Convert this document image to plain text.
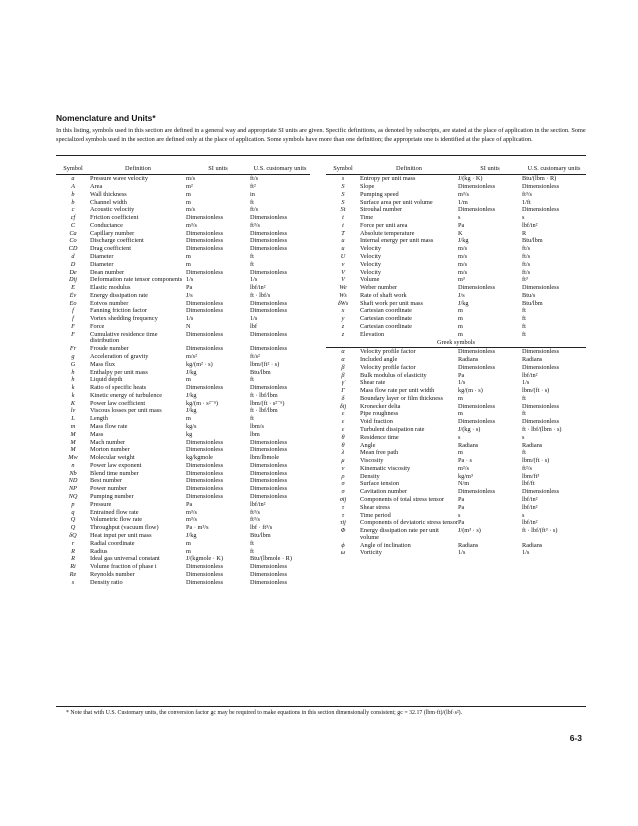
Nomenclature and Units*

In this listing, symbols used in this section are defined in a general way and appropriate SI units are given. Specific definitions, as denoted by subscripts, are stated at the place of application in the section. Some specialized symbols used in the section are defined only at the place of application. Some symbols have more than one definition; the appropriate one is identified at the place of application.

Symbol	Definition	SI units	U.S. customary units
a	Pressure wave velocity	m/s	ft/s
A	Area	m²	ft²
b	Wall thickness	m	in
b	Channel width	m	ft
c	Acoustic velocity	m/s	ft/s
cf	Friction coefficient	Dimensionless	Dimensionless
C	Conductance	m³/s	ft³/s
Ca	Capillary number	Dimensionless	Dimensionless
Co	Discharge coefficient	Dimensionless	Dimensionless
CD	Drag coefficient	Dimensionless	Dimensionless
d	Diameter	m	ft
D	Diameter	m	ft
De	Dean number	Dimensionless	Dimensionless
Dij	Deformation rate tensor components	1/s	1/s
E	Elastic modulus	Pa	lbf/in²
Ėv	Energy dissipation rate	J/s	ft · lbf/s
Eo	Eotvos number	Dimensionless	Dimensionless
f	Fanning friction factor	Dimensionless	Dimensionless
f	Vortex shedding frequency	1/s	1/s
F	Force	N	lbf
F	Cumulative residence time distribution	Dimensionless	Dimensionless
Fr	Froude number	Dimensionless	Dimensionless
g	Acceleration of gravity	m/s²	ft/s²
G	Mass flux	kg/(m² · s)	lbm/(ft² · s)
h	Enthalpy per unit mass	J/kg	Btu/lbm
h	Liquid depth	m	ft
k	Ratio of specific heats	Dimensionless	Dimensionless
k	Kinetic energy of turbulence	J/kg	ft · lbf/lbm
K	Power law coefficient	kg/(m · s²⁻ⁿ)	lbm/(ft · s²⁻ⁿ)
lv	Viscous losses per unit mass	J/kg	ft · lbf/lbm
L	Length	m	ft
m	Mass flow rate	kg/s	lbm/s
M	Mass	kg	lbm
M	Mach number	Dimensionless	Dimensionless
M	Morton number	Dimensionless	Dimensionless
Mw	Molecular weight	kg/kgmole	lbm/lbmole
n	Power law exponent	Dimensionless	Dimensionless
Nb	Blend time number	Dimensionless	Dimensionless
ND	Best number	Dimensionless	Dimensionless
NP	Power number	Dimensionless	Dimensionless
NQ	Pumping number	Dimensionless	Dimensionless
p	Pressure	Pa	lbf/in²
q	Entrained flow rate	m³/s	ft³/s
Q	Volumetric flow rate	m³/s	ft³/s
Q	Throughput (vacuum flow)	Pa · m³/s	lbf · ft³/s
δQ	Heat input per unit mass	J/kg	Btu/lbm
r	Radial coordinate	m	ft
R	Radius	m	ft
R	Ideal gas universal constant	J/(kgmole · K)	Btu/(lbmole · R)
Ri	Volume fraction of phase i	Dimensionless	Dimensionless
Re	Reynolds number	Dimensionless	Dimensionless
s	Density ratio	Dimensionless	Dimensionless
Symbol	Definition	SI units	U.S. customary units
s	Entropy per unit mass	J/(kg · K)	Btu/(lbm · R)
S	Slope	Dimensionless	Dimensionless
S	Pumping speed	m³/s	ft³/s
S	Surface area per unit volume	1/m	1/ft
St	Strouhal number	Dimensionless	Dimensionless
t	Time	s	s
t	Force per unit area	Pa	lbf/in²
T	Absolute temperature	K	R
u	Internal energy per unit mass	J/kg	Btu/lbm
u	Velocity	m/s	ft/s
U	Velocity	m/s	ft/s
v	Velocity	m/s	ft/s
V	Velocity	m/s	ft/s
V	Volume	m³	ft³
We	Weber number	Dimensionless	Dimensionless
Ws	Rate of shaft work	J/s	Btu/s
δWs	Shaft work per unit mass	J/kg	Btu/lbm
x	Cartesian coordinate	m	ft
y	Cartesian coordinate	m	ft
z	Cartesian coordinate	m	ft
z	Elevation	m	ft
Greek symbols			
α	Velocity profile factor	Dimensionless	Dimensionless
α	Included angle	Radians	Radians
β	Velocity profile factor	Dimensionless	Dimensionless
β	Bulk modulus of elasticity	Pa	lbf/in²
γ̇	Shear rate	1/s	1/s
Γ	Mass flow rate per unit width	kg/(m · s)	lbm/(ft · s)
δ	Boundary layer or film thickness	m	ft
δij	Kronecker delta	Dimensionless	Dimensionless
ε	Pipe roughness	m	ft
ε	Void fraction	Dimensionless	Dimensionless
ε	Turbulent dissipation rate	J/(kg · s)	ft · lbf/(lbm · s)
θ	Residence time	s	s
θ	Angle	Radians	Radians
λ	Mean free path	m	ft
μ	Viscosity	Pa · s	lbm/(ft · s)
ν	Kinematic viscosity	m²/s	ft²/s
ρ	Density	kg/m³	lbm/ft³
σ	Surface tension	N/m	lbf/ft
σ	Cavitation number	Dimensionless	Dimensionless
σij	Components of total stress tensor	Pa	lbf/in²
τ	Shear stress	Pa	lbf/in²
τ	Time period	s	s
τij	Components of deviatoric stress tensor	Pa	lbf/in²
Φ	Energy dissipation rate per unit volume	J/(m³ · s)	ft · lbf/(ft³ · s)
ϕ	Angle of inclination	Radians	Radians
ω	Vorticity	1/s	1/s

* Note that with U.S. Customary units, the conversion factor gc may be required to make equations in this section dimensionally consistent; gc = 32.17 (lbm·ft)/(lbf·s²).

6-3
